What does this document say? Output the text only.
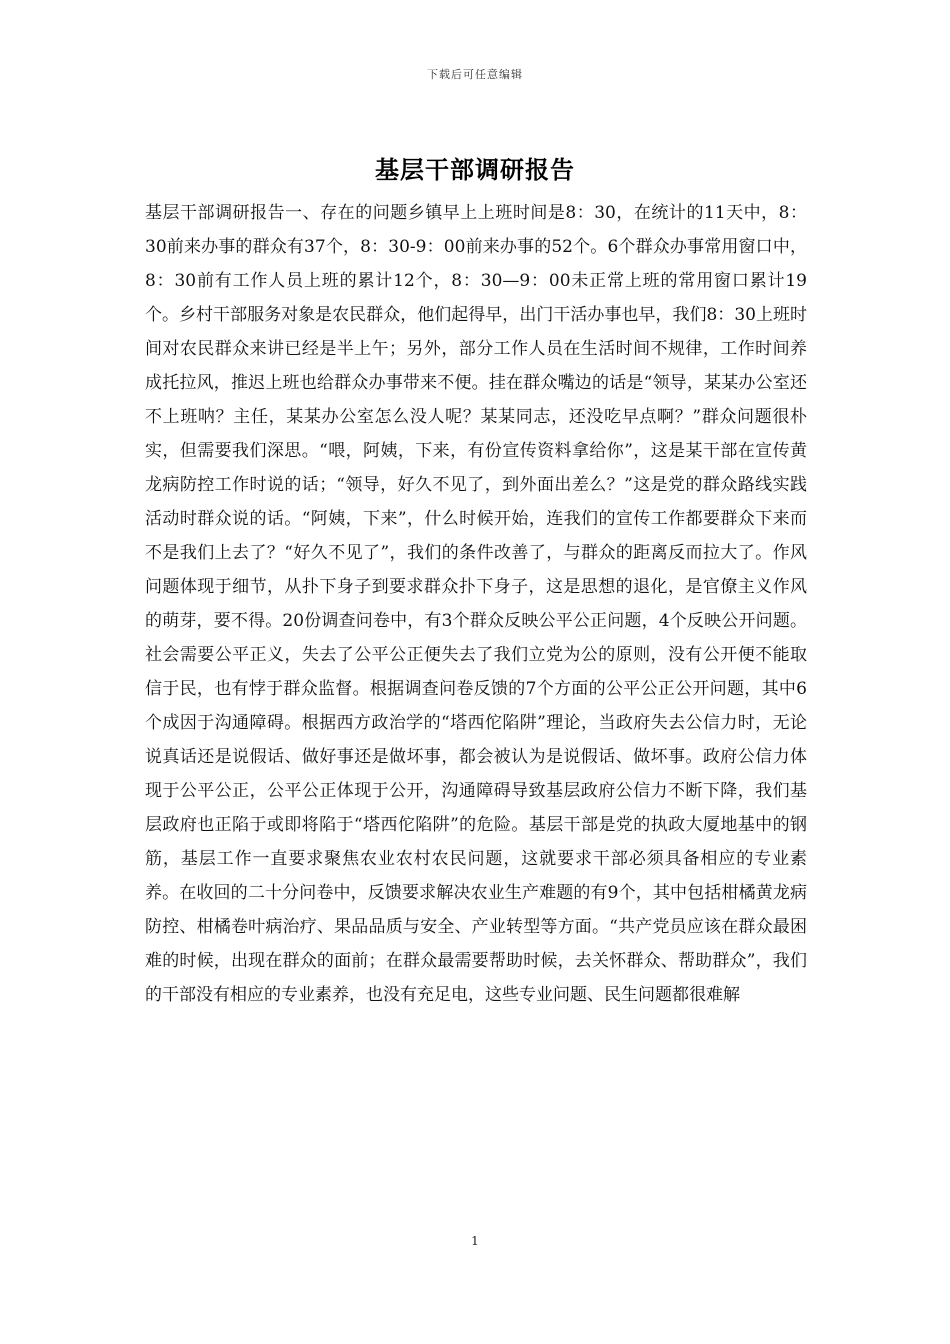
下载后可任意编辑
基层干部调研报告

基层干部调研报告一、存在的问题乡镇早上上班时间是8：30，在统计的11天中，8：30前来办事的群众有37个，8：30-9：00前来办事的52个。6个群众办事常用窗口中，8：30前有工作人员上班的累计12个，8：30—9：00未正常上班的常用窗口累计19个。乡村干部服务对象是农民群众，他们起得早，出门干活办事也早，我们8：30上班时间对农民群众来讲已经是半上午；另外，部分工作人员在生活时间不规律，工作时间养成托拉风，推迟上班也给群众办事带来不便。挂在群众嘴边的话是“领导，某某办公室还不上班呐？主任，某某办公室怎么没人呢？某某同志，还没吃早点啊？”群众问题很朴实，但需要我们深思。“喂，阿姨，下来，有份宣传资料拿给你”，这是某干部在宣传黄龙病防控工作时说的话；“领导，好久不见了，到外面出差么？”这是党的群众路线实践活动时群众说的话。“阿姨，下来”，什么时候开始，连我们的宣传工作都要群众下来而不是我们上去了？“好久不见了”，我们的条件改善了，与群众的距离反而拉大了。作风问题体现于细节，从扑下身子到要求群众扑下身子，这是思想的退化，是官僚主义作风的萌芽，要不得。20份调查问卷中，有3个群众反映公平公正问题，4个反映公开问题。社会需要公平正义，失去了公平公正便失去了我们立党为公的原则，没有公开便不能取信于民，也有悖于群众监督。根据调查问卷反馈的7个方面的公平公正公开问题，其中6个成因于沟通障碍。根据西方政治学的“塔西佗陷阱”理论，当政府失去公信力时，无论说真话还是说假话、做好事还是做坏事，都会被认为是说假话、做坏事。政府公信力体现于公平公正，公平公正体现于公开，沟通障碍导致基层政府公信力不断下降，我们基层政府也正陷于或即将陷于“塔西佗陷阱”的危险。基层干部是党的执政大厦地基中的钢筋，基层工作一直要求聚焦农业农村农民问题，这就要求干部必须具备相应的专业素养。在收回的二十分问卷中，反馈要求解决农业生产难题的有9个，其中包括柑橘黄龙病防控、柑橘卷叶病治疗、果品品质与安全、产业转型等方面。“共产党员应该在群众最困难的时候，出现在群众的面前；在群众最需要帮助时候，去关怀群众、帮助群众”，我们的干部没有相应的专业素养，也没有充足电，这些专业问题、民生问题都很难解

1
